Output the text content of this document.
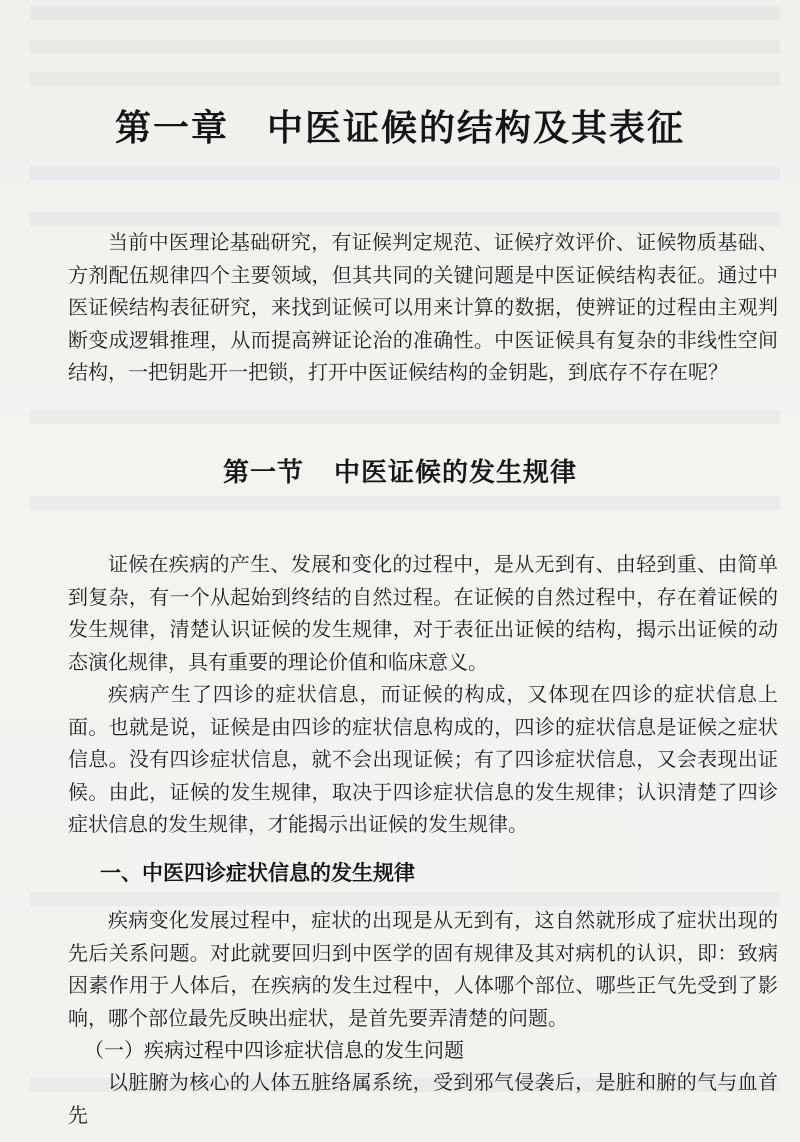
第一章 中医证候的结构及其表征

当前中医理论基础研究，有证候判定规范、证候疗效评价、证候物质基础、方剂配伍规律四个主要领域，但其共同的关键问题是中医证候结构表征。通过中医证候结构表征研究，来找到证候可以用来计算的数据，使辨证的过程由主观判断变成逻辑推理，从而提高辨证论治的准确性。中医证候具有复杂的非线性空间结构，一把钥匙开一把锁，打开中医证候结构的金钥匙，到底存不存在呢？

第一节 中医证候的发生规律

证候在疾病的产生、发展和变化的过程中，是从无到有、由轻到重、由简单到复杂，有一个从起始到终结的自然过程。在证候的自然过程中，存在着证候的发生规律，清楚认识证候的发生规律，对于表征出证候的结构，揭示出证候的动态演化规律，具有重要的理论价值和临床意义。

疾病产生了四诊的症状信息，而证候的构成，又体现在四诊的症状信息上面。也就是说，证候是由四诊的症状信息构成的，四诊的症状信息是证候之症状信息。没有四诊症状信息，就不会出现证候；有了四诊症状信息，又会表现出证候。由此，证候的发生规律，取决于四诊症状信息的发生规律；认识清楚了四诊症状信息的发生规律，才能揭示出证候的发生规律。

一、中医四诊症状信息的发生规律

疾病变化发展过程中，症状的出现是从无到有，这自然就形成了症状出现的先后关系问题。对此就要回归到中医学的固有规律及其对病机的认识，即：致病因素作用于人体后，在疾病的发生过程中，人体哪个部位、哪些正气先受到了影响，哪个部位最先反映出症状，是首先要弄清楚的问题。

（一）疾病过程中四诊症状信息的发生问题

以脏腑为核心的人体五脏络属系统，受到邪气侵袭后，是脏和腑的气与血首先
